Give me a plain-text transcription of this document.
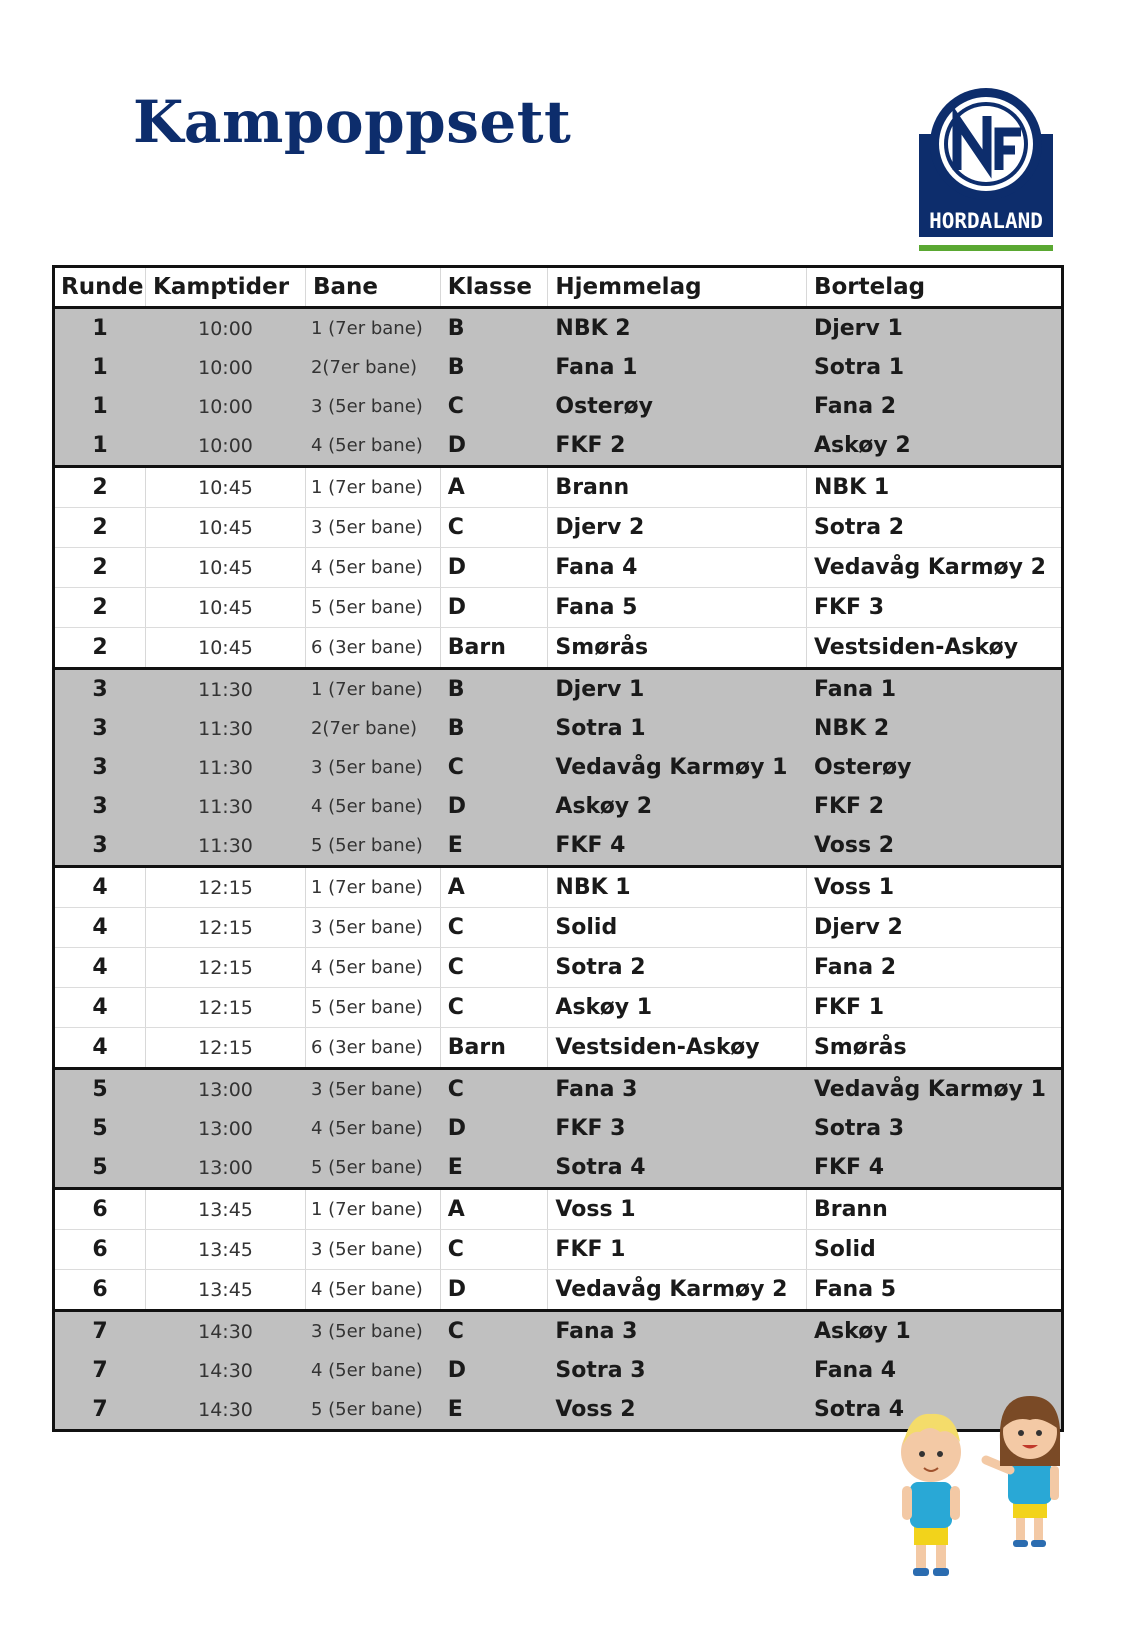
Kampoppsett
HORDALAND
Runde	Kamptider	Bane	Klasse	Hjemmelag	Bortelag
1	10:00	1 (7er bane)	B	NBK 2	Djerv 1
1	10:00	2(7er bane)	B	Fana 1	Sotra 1
1	10:00	3 (5er bane)	C	Osterøy	Fana 2
1	10:00	4 (5er bane)	D	FKF 2	Askøy 2
2	10:45	1 (7er bane)	A	Brann	NBK 1
2	10:45	3 (5er bane)	C	Djerv 2	Sotra 2
2	10:45	4 (5er bane)	D	Fana 4	Vedavåg Karmøy 2
2	10:45	5 (5er bane)	D	Fana 5	FKF 3
2	10:45	6 (3er bane)	Barn	Smørås	Vestsiden-Askøy
3	11:30	1 (7er bane)	B	Djerv 1	Fana 1
3	11:30	2(7er bane)	B	Sotra 1	NBK 2
3	11:30	3 (5er bane)	C	Vedavåg Karmøy 1	Osterøy
3	11:30	4 (5er bane)	D	Askøy 2	FKF 2
3	11:30	5 (5er bane)	E	FKF 4	Voss 2
4	12:15	1 (7er bane)	A	NBK 1	Voss 1
4	12:15	3 (5er bane)	C	Solid	Djerv 2
4	12:15	4 (5er bane)	C	Sotra 2	Fana 2
4	12:15	5 (5er bane)	C	Askøy 1	FKF 1
4	12:15	6 (3er bane)	Barn	Vestsiden-Askøy	Smørås
5	13:00	3 (5er bane)	C	Fana 3	Vedavåg Karmøy 1
5	13:00	4 (5er bane)	D	FKF 3	Sotra 3
5	13:00	5 (5er bane)	E	Sotra 4	FKF 4
6	13:45	1 (7er bane)	A	Voss 1	Brann
6	13:45	3 (5er bane)	C	FKF 1	Solid
6	13:45	4 (5er bane)	D	Vedavåg Karmøy 2	Fana 5
7	14:30	3 (5er bane)	C	Fana 3	Askøy 1
7	14:30	4 (5er bane)	D	Sotra 3	Fana 4
7	14:30	5 (5er bane)	E	Voss 2	Sotra 4
